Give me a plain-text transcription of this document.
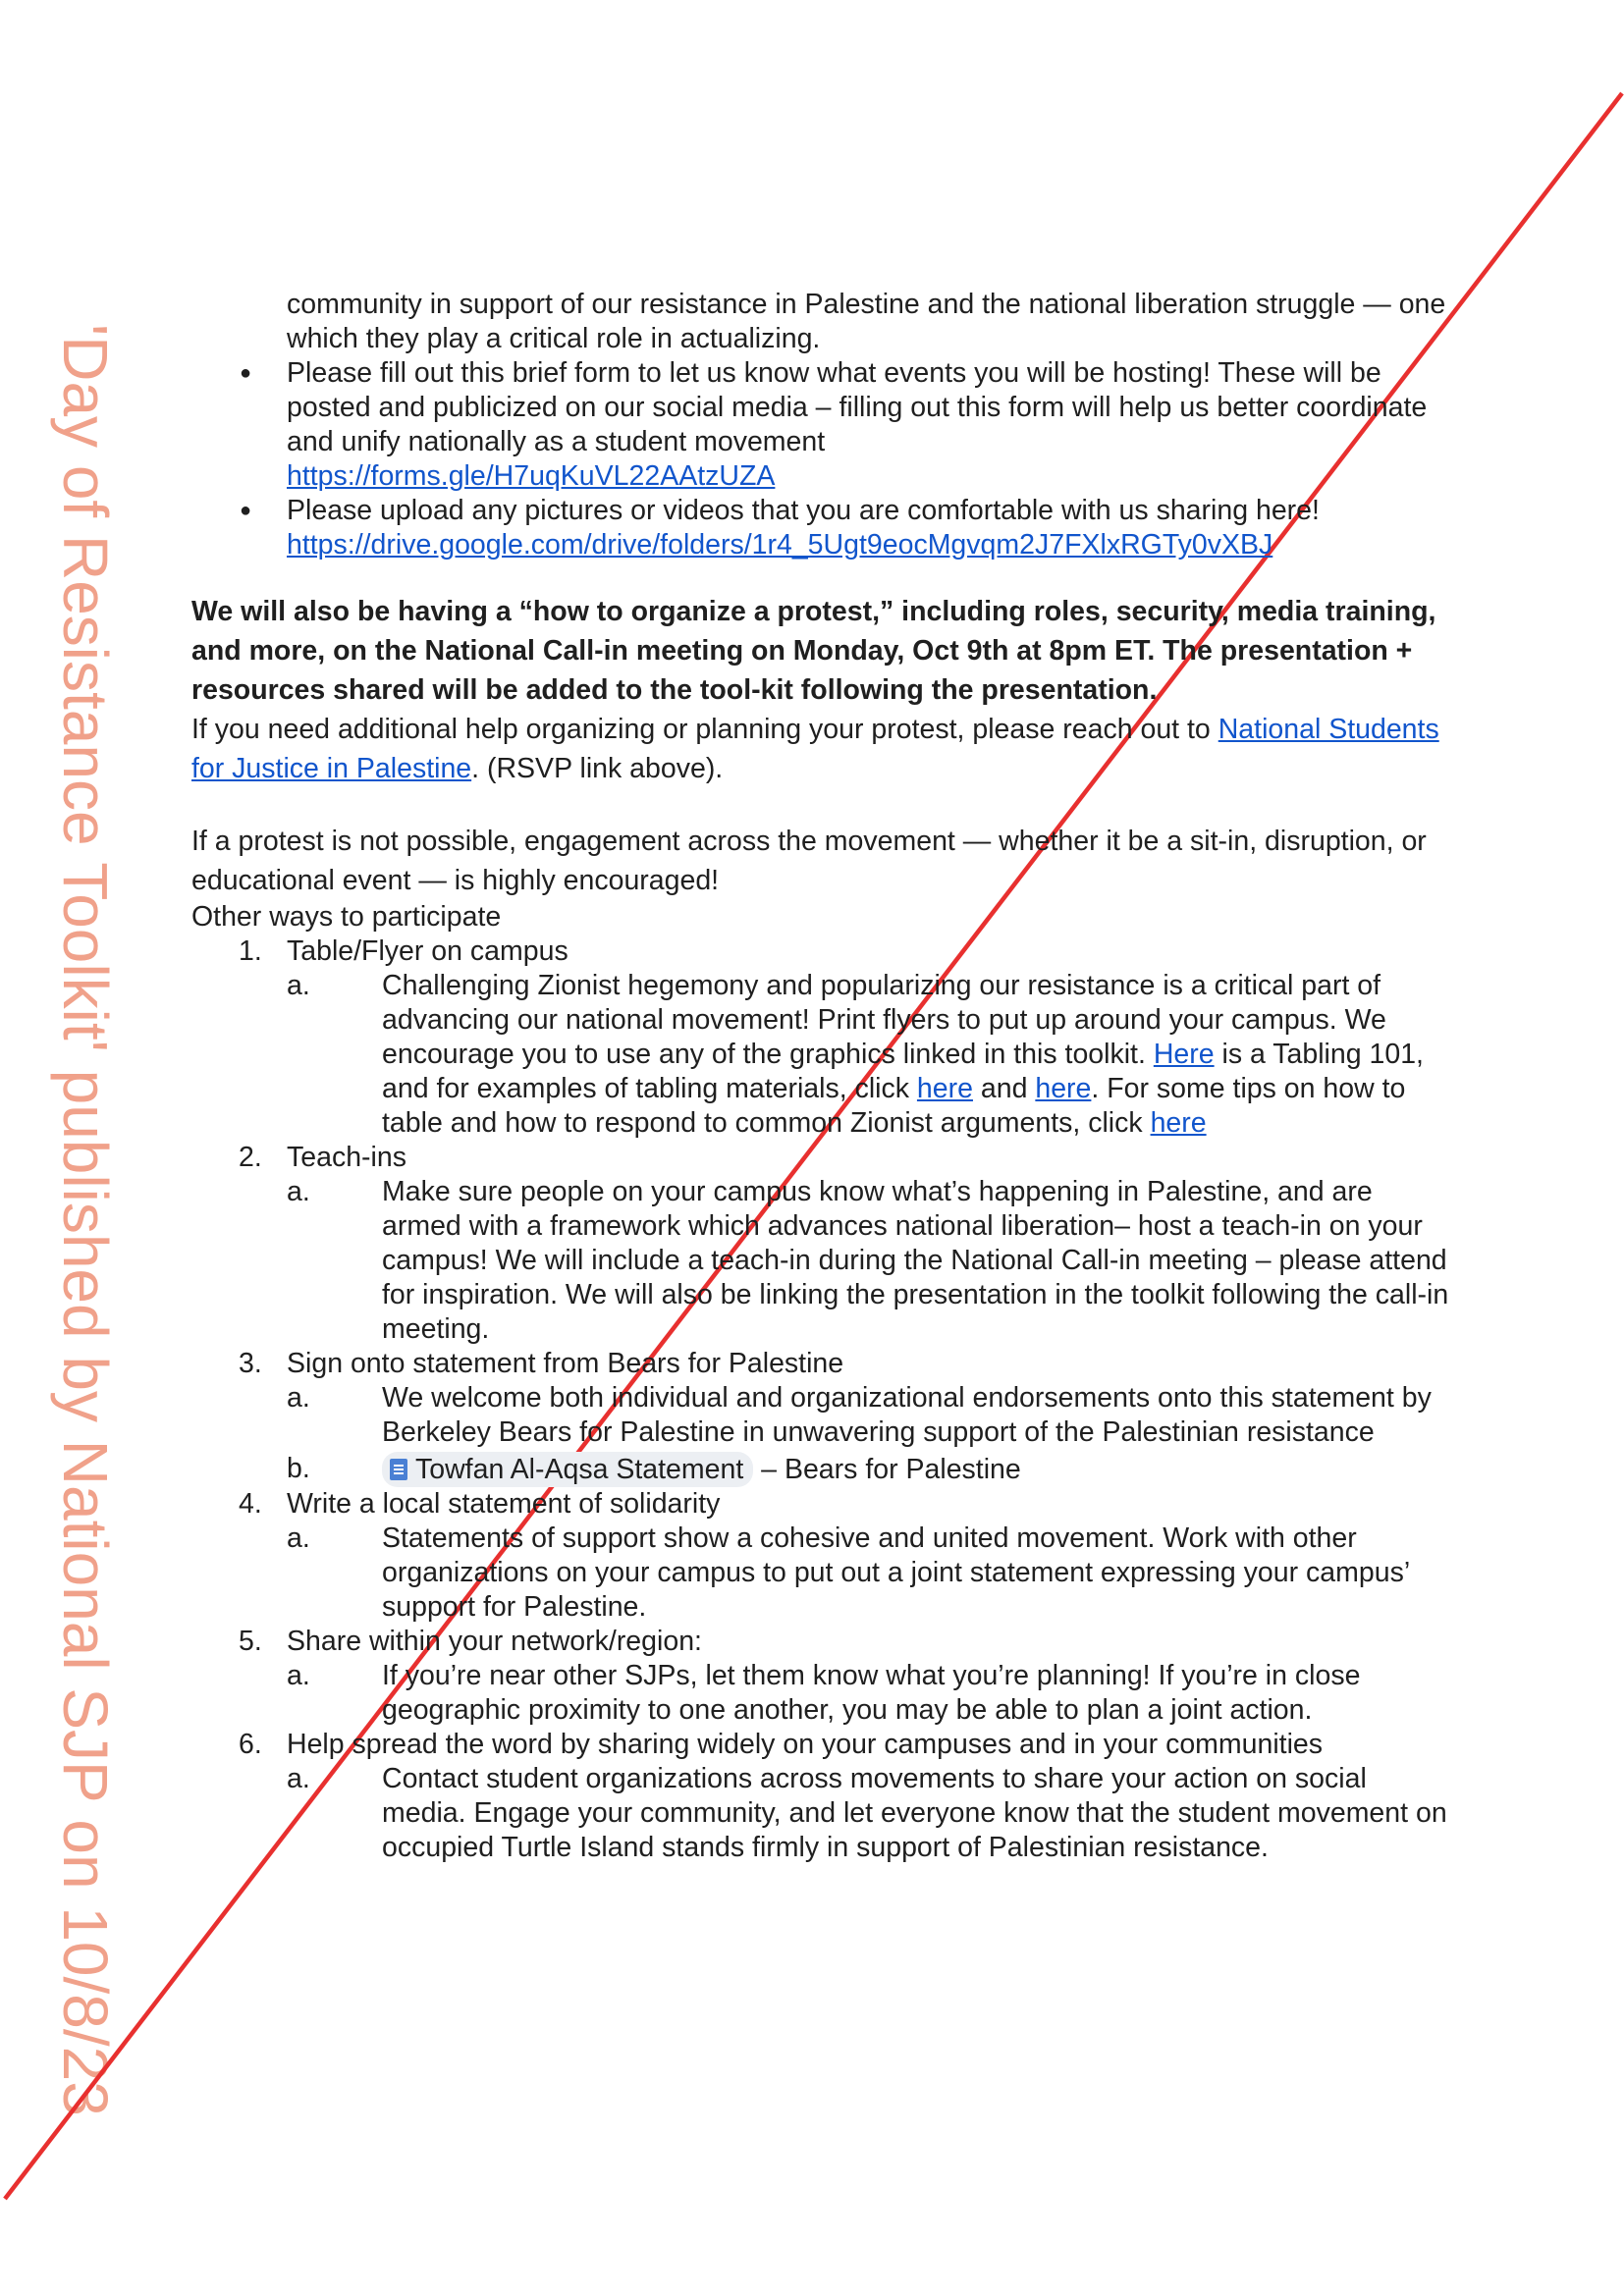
'Day of Resistance Toolkit' published by National SJP on 10/8/23
community in support of our resistance in Palestine and the national liberation struggle — one which they play a critical role in actualizing.
● Please fill out this brief form to let us know what events you will be hosting! These will be posted and publicized on our social media – filling out this form will help us better coordinate and unify nationally as a student movement
https://forms.gle/H7uqKuVL22AAtzUZA
● Please upload any pictures or videos that you are comfortable with us sharing here!
https://drive.google.com/drive/folders/1r4_5Ugt9eocMgvqm2J7FXlxRGTy0vXBJ
We will also be having a “how to organize a protest,” including roles, security, media training, and more, on the National Call-in meeting on Monday, Oct 9th at 8pm ET. The presentation + resources shared will be added to the tool-kit following the presentation.
If you need additional help organizing or planning your protest, please reach out to National Students for Justice in Palestine. (RSVP link above).
If a protest is not possible, engagement across the movement — whether it be a sit-in, disruption, or educational event — is highly encouraged!
Other ways to participate
1. Table/Flyer on campus
a.	Challenging Zionist hegemony and popularizing our resistance is a critical part of advancing our national movement! Print flyers to put up around your campus. We encourage you to use any of the graphics linked in this toolkit. Here is a Tabling 101, and for examples of tabling materials, click here and here. For some tips on how to table and how to respond to common Zionist arguments, click here
2. Teach-ins
a.	Make sure people on your campus know what’s happening in Palestine, and are armed with a framework which advances national liberation– host a teach-in on your campus! We will include a teach-in during the National Call-in meeting – please attend for inspiration. We will also be linking the presentation in the toolkit following the call-in meeting.
3. Sign onto statement from Bears for Palestine
a.	We welcome both individual and organizational endorsements onto this statement by Berkeley Bears for Palestine in unwavering support of the Palestinian resistance
b.	Towfan Al-Aqsa Statement – Bears for Palestine
4. Write a local statement of solidarity
a.	Statements of support show a cohesive and united movement. Work with other organizations on your campus to put out a joint statement expressing your campus’ support for Palestine.
5. Share within your network/region:
a.	If you’re near other SJPs, let them know what you’re planning! If you’re in close geographic proximity to one another, you may be able to plan a joint action.
6. Help spread the word by sharing widely on your campuses and in your communities
a.	Contact student organizations across movements to share your action on social media. Engage your community, and let everyone know that the student movement on occupied Turtle Island stands firmly in support of Palestinian resistance.
